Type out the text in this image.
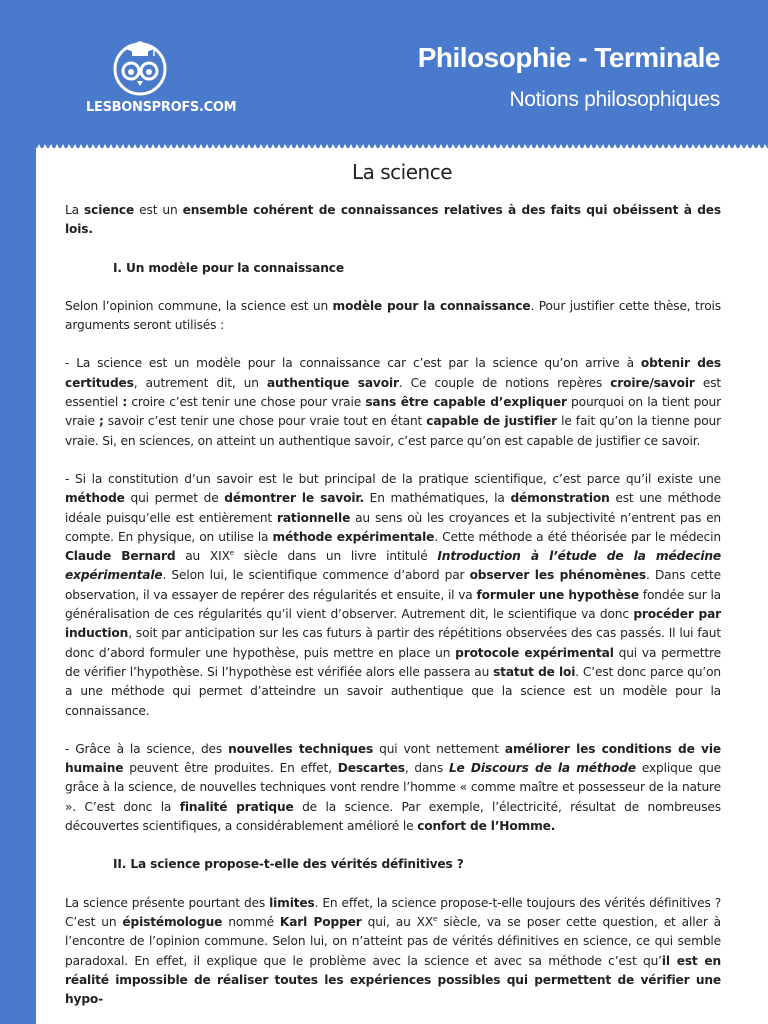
LESBONSPROFS.COM
Philosophie - Terminale
Notions philosophiques
La science

La science est un ensemble cohérent de connaissances relatives à des faits qui obéissent à des lois.

I. Un modèle pour la connaissance

Selon l’opinion commune, la science est un modèle pour la connaissance. Pour justifier cette thèse, trois arguments seront utilisés :

- La science est un modèle pour la connaissance car c’est par la science qu’on arrive à obtenir des certitudes, autrement dit, un authentique savoir. Ce couple de notions repères croire/savoir est essentiel : croire c’est tenir une chose pour vraie sans être capable d’expliquer pourquoi on la tient pour vraie ; savoir c’est tenir une chose pour vraie tout en étant capable de justifier le fait qu’on la tienne pour vraie. Si, en sciences, on atteint un authentique savoir, c’est parce qu’on est capable de justifier ce savoir.

- Si la constitution d’un savoir est le but principal de la pratique scientifique, c’est parce qu’il existe une méthode qui permet de démontrer le savoir. En mathématiques, la démonstration est une méthode idéale puisqu’elle est entièrement rationnelle au sens où les croyances et la subjectivité n’entrent pas en compte. En physique, on utilise la méthode expérimentale. Cette méthode a été théorisée par le médecin Claude Bernard au XIXe siècle dans un livre intitulé Introduction à l’étude de la médecine expérimentale. Selon lui, le scientifique commence d’abord par observer les phénomènes. Dans cette observation, il va essayer de repérer des régularités et ensuite, il va formuler une hypothèse fondée sur la généralisation de ces régularités qu’il vient d’observer. Autrement dit, le scientifique va donc procéder par induction, soit par anticipation sur les cas futurs à partir des répétitions observées des cas passés. Il lui faut donc d’abord formuler une hypothèse, puis mettre en place un protocole expérimental qui va permettre de vérifier l’hypothèse. Si l’hypothèse est vérifiée alors elle passera au statut de loi. C’est donc parce qu’on a une méthode qui permet d’atteindre un savoir authentique que la science est un modèle pour la connaissance.

- Grâce à la science, des nouvelles techniques qui vont nettement améliorer les conditions de vie humaine peuvent être produites. En effet, Descartes, dans Le Discours de la méthode explique que grâce à la science, de nouvelles techniques vont rendre l’homme « comme maître et possesseur de la nature ». C’est donc la finalité pratique de la science. Par exemple, l’électricité, résultat de nombreuses découvertes scientifiques, a considérablement amélioré le confort de l’Homme.

II. La science propose-t-elle des vérités définitives ?

La science présente pourtant des limites. En effet, la science propose-t-elle toujours des vérités définitives ? C’est un épistémologue nommé Karl Popper qui, au XXe siècle, va se poser cette question, et aller à l’encontre de l’opinion commune. Selon lui, on n’atteint pas de vérités définitives en science, ce qui semble paradoxal. En effet, il explique que le problème avec la science et avec sa méthode c’est qu’il est en réalité impossible de réaliser toutes les expériences possibles qui permettent de vérifier une hypo-
